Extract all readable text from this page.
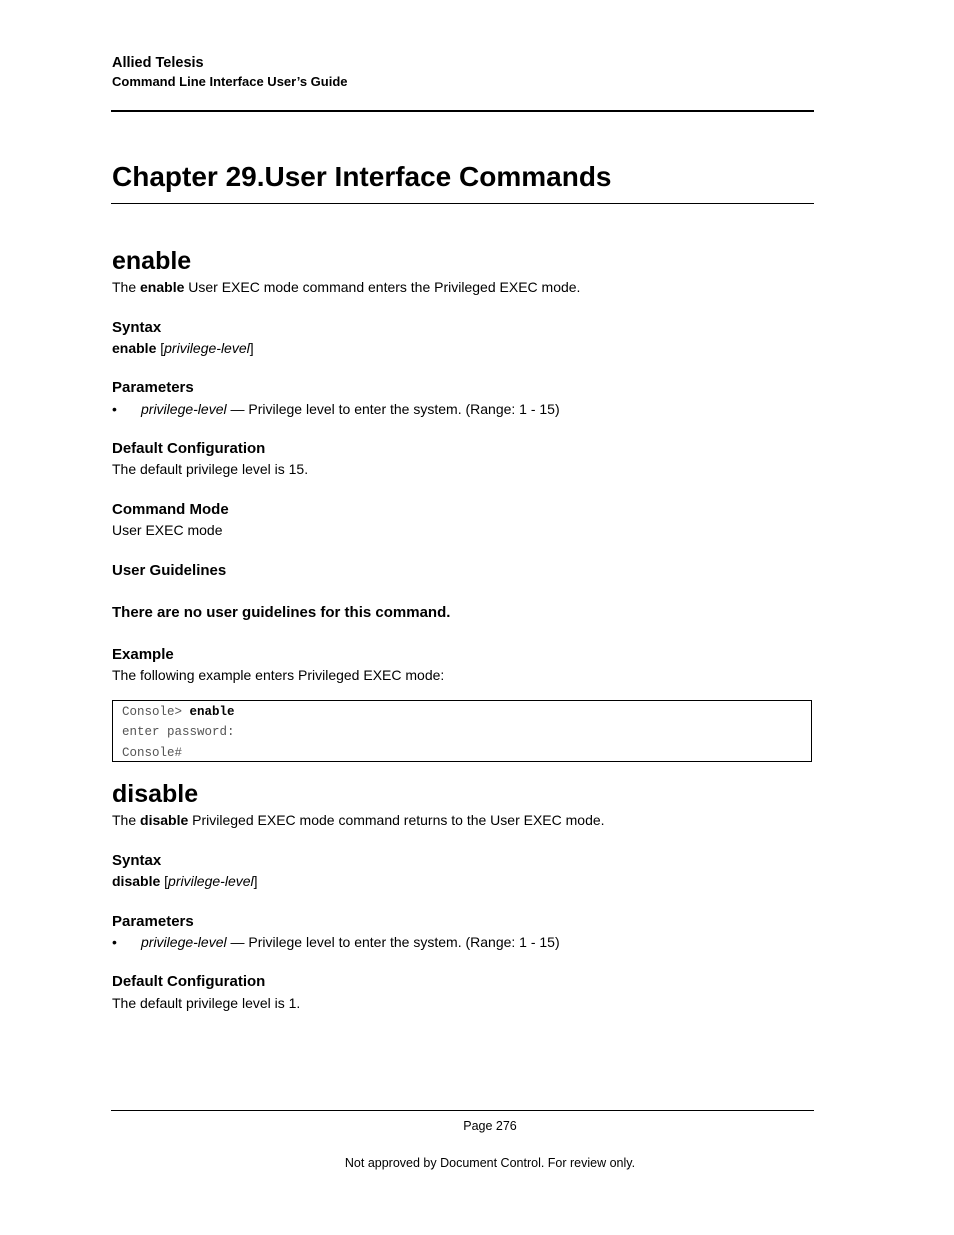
Allied Telesis
Command Line Interface User’s Guide
Chapter 29.User Interface Commands
enable

The enable User EXEC mode command enters the Privileged EXEC mode.

Syntax

enable [privilege-level]

Parameters
•	privilege-level — Privilege level to enter the system. (Range: 1 - 15)
Default Configuration

The default privilege level is 15.

Command Mode

User EXEC mode

User Guidelines
There are no user guidelines for this command.
Example

The following example enters Privileged EXEC mode:

Console> enable
enter password:
Console#
disable

The disable Privileged EXEC mode command returns to the User EXEC mode.

Syntax

disable [privilege-level]

Parameters
•	privilege-level — Privilege level to enter the system. (Range: 1 - 15)
Default Configuration

The default privilege level is 1.

Page 276
Not approved by Document Control. For review only.
